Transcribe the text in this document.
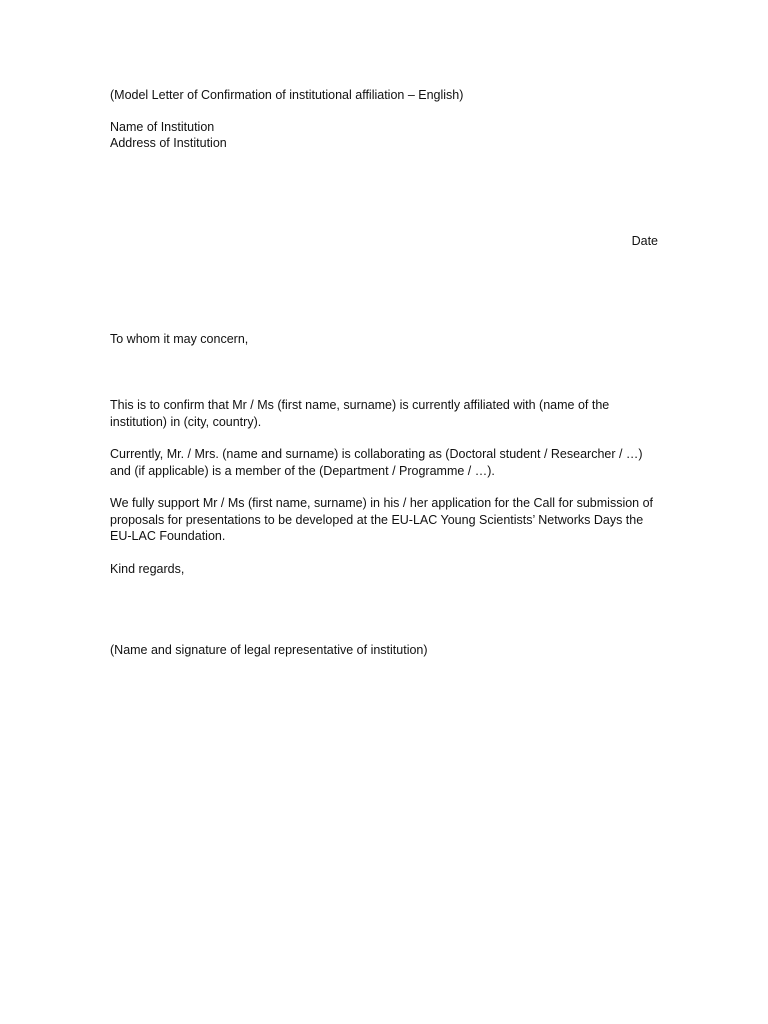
(Model Letter of Confirmation of institutional affiliation – English)
Name of Institution
Address of Institution
Date
To whom it may concern,
This is to confirm that Mr / Ms (first name, surname) is currently affiliated with (name of the institution) in (city, country).
Currently, Mr. / Mrs. (name and surname) is collaborating as (Doctoral student / Researcher / …) and (if applicable) is a member of the (Department / Programme / …).
We fully support Mr / Ms (first name, surname) in his / her application for the Call for submission of proposals for presentations to be developed at the EU-LAC Young Scientists’ Networks Days the EU-LAC Foundation.
Kind regards,
(Name and signature of legal representative of institution)
